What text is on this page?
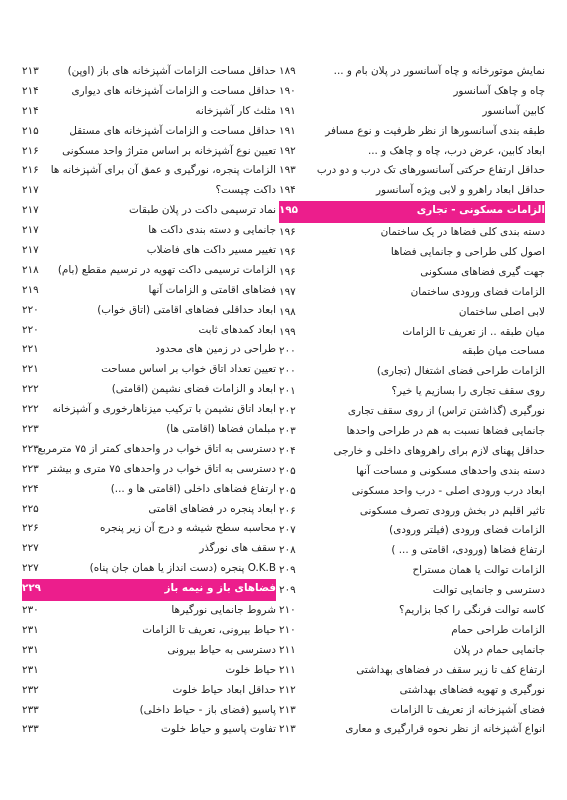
نمایش موتورخانه و چاه آسانسور در پلان بام و ...
۱۸۹
چاه و چاهک آسانسور
۱۹۰
کابین آسانسور
۱۹۱
طبقه بندی آسانسورها از نظر ظرفیت و نوع مسافر
۱۹۱
ابعاد کابین، عرض درب، چاه و چاهک و ...
۱۹۲
حداقل ارتفاع حرکتی آسانسورهای تک درب و دو درب
۱۹۳
حداقل ابعاد راهرو و لابی ویژه آسانسور
۱۹۴
الزامات مسکونی - تجاری
۱۹۵
دسته بندی کلی فضاها در یک ساختمان
۱۹۶
اصول کلی طراحی و جانمایی فضاها
۱۹۶
جهت گیری فضاهای مسکونی
۱۹۶
الزامات فضای ورودی ساختمان
۱۹۷
لابی اصلی ساختمان
۱۹۸
میان طبقه .. از تعریف تا الزامات
۱۹۹
مساحت میان طبقه
۲۰۰
الزامات طراحی فضای اشتغال (تجاری)
۲۰۰
روی سقف تجاری را بسازیم یا خیر؟
۲۰۱
نورگیری (گذاشتن تراس) از روی سقف تجاری
۲۰۲
جانمایی فضاها نسبت به هم در طراحی واحدها
۲۰۳
حداقل پهنای لازم برای راهروهای داخلی و خارجی
۲۰۴
دسته بندی واحدهای مسکونی و مساحت آنها
۲۰۵
ابعاد درب ورودی اصلی - درب واحد مسکونی
۲۰۵
تاثیر اقلیم در بخش ورودی تصرف مسکونی
۲۰۶
الزامات فضای ورودی (فیلتر ورودی)
۲۰۷
ارتفاع فضاها (ورودی، اقامتی و ... )
۲۰۸
الزامات توالت یا همان مستراح
۲۰۹
دسترسی و جانمایی توالت
۲۰۹
کاسه توالت فرنگی را کجا بزاریم؟
۲۱۰
الزامات طراحی حمام
۲۱۰
جانمایی حمام در پلان
۲۱۱
ارتفاع کف تا زیر سقف در فضاهای بهداشتی
۲۱۱
نورگیری و تهویه فضاهای بهداشتی
۲۱۲
فضای آشپزخانه از تعریف تا الزامات
۲۱۳
انواع آشپزخانه از نظر نحوه قرارگیری و معاری
۲۱۳
حداقل مساحت الزامات آشپزخانه های باز (اوپن)
۲۱۳
حداقل مساحت و الزامات آشپزخانه های دیواری
۲۱۴
مثلث کار آشپزخانه
۲۱۴
حداقل مساحت و الزامات آشپزخانه های مستقل
۲۱۵
تعیین نوع آشپزخانه بر اساس متراژ واحد مسکونی
۲۱۶
الزامات پنجره، نورگیری و عمق آن برای آشپزخانه ها
۲۱۶
داکت چیست؟
۲۱۷
نماد ترسیمی داکت در پلان طبقات
۲۱۷
جانمایی و دسته بندی داکت ها
۲۱۷
تغییر مسیر داکت های فاضلاب
۲۱۷
الزامات ترسیمی داکت تهویه در ترسیم مقطع (بام)
۲۱۸
فضاهای اقامتی و الزامات آنها
۲۱۹
ابعاد حداقلی فضاهای اقامتی (اتاق خواب)
۲۲۰
ابعاد کمدهای ثابت
۲۲۰
طراحی در زمین های محدود
۲۲۱
تعیین تعداد اتاق خواب بر اساس مساحت
۲۲۱
ابعاد و الزامات فضای نشیمن (اقامتی)
۲۲۲
ابعاد اتاق نشیمن با ترکیب میزناهارخوری و آشپزخانه
۲۲۲
مبلمان فضاها (اقامتی ها)
۲۲۳
دسترسی به اتاق خواب در واحدهای کمتر از ۷۵ مترمربع
۲۲۳
دسترسی به اتاق خواب در واحدهای ۷۵ متری و بیشتر
۲۲۳
ارتفاع فضاهای داخلی (اقامتی ها و ...)
۲۲۴
ابعاد پنجره در فضاهای اقامتی
۲۲۵
محاسبه سطح شیشه و درج آن زیر پنجره
۲۲۶
سقف های نورگذر
۲۲۷
O.K.B پنجره (دست انداز یا همان جان پناه)
۲۲۷
فضاهای باز و نیمه باز
۲۲۹
شروط جانمایی نورگیرها
۲۳۰
حیاط بیرونی، تعریف تا الزامات
۲۳۱
دسترسی به حیاط بیرونی
۲۳۱
حیاط خلوت
۲۳۱
حداقل ابعاد حیاط خلوت
۲۳۲
پاسیو (فضای باز - حیاط داخلی)
۲۳۳
تفاوت پاسیو و حیاط خلوت
۲۳۳
